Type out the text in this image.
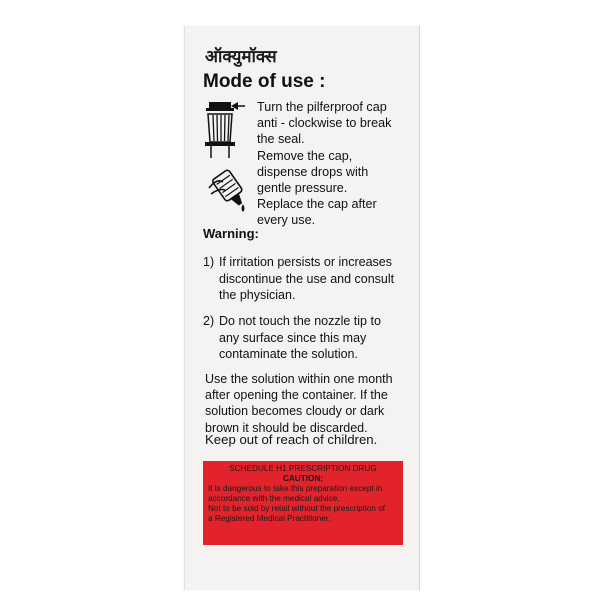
ऑक्युमॉक्स
Mode of use :
Turn the pilferproof cap
anti - clockwise to break
the seal.
Remove the cap,
dispense drops with
gentle pressure.
Replace the cap after
every use.
Warning:
1) If irritation persists or increases
discontinue the use and consult
the physician.
2) Do not touch the nozzle tip to
any surface since this may
contaminate the solution.
Use the solution within one month
after opening the container. If the
solution becomes cloudy or dark
brown it should be discarded.
Keep out of reach of children.
SCHEDULE H1 PRESCRIPTION DRUG
CAUTION:
It is dangerous to take this preparation except in
accordance with the medical advice.
Not to be sold by retail without the prescription of
a Registered Medical Practitioner.
